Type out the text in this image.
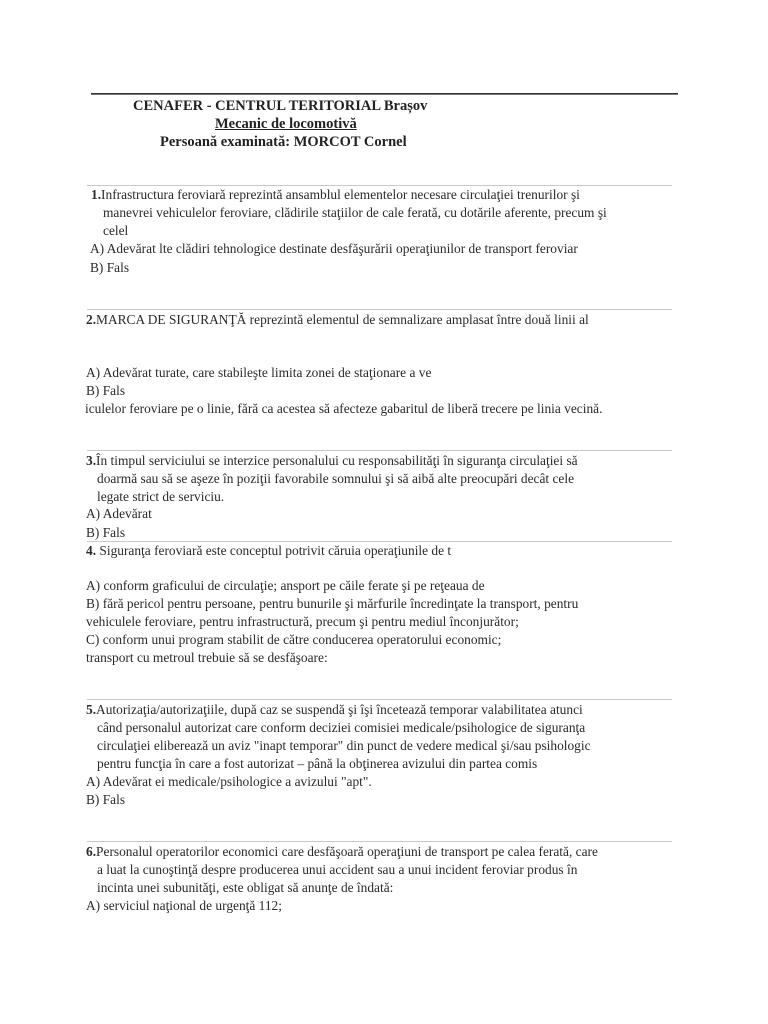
CENAFER - CENTRUL TERITORIAL Brașov
Mecanic de locomotivă
Persoană examinată: MORCOT Cornel
1.Infrastructura feroviară reprezintă ansamblul elementelor necesare circulaţiei trenurilor şi
manevrei vehiculelor feroviare, clădirile staţiilor de cale ferată, cu dotările aferente, precum şi
celel
A) Adevărat lte clădiri tehnologice destinate desfăşurării operaţiunilor de transport feroviar
B) Fals
2.MARCA DE SIGURANŢĂ reprezintă elementul de semnalizare amplasat între două linii al
A) Adevărat turate, care stabileşte limita zonei de staţionare a ve
B) Fals
iculelor feroviare pe o linie, fără ca acestea să afecteze gabaritul de liberă trecere pe linia vecină.
3.În timpul serviciului se interzice personalului cu responsabilităţi în siguranţa circulaţiei să
doarmă sau să se aşeze în poziţii favorabile somnului şi să aibă alte preocupări decât cele
legate strict de serviciu.
A) Adevărat
B) Fals
4. Siguranţa feroviară este conceptul potrivit căruia operaţiunile de t
A) conform graficului de circulaţie; ansport pe căile ferate şi pe reţeaua de
B) fără pericol pentru persoane, pentru bunurile şi mărfurile încredinţate la transport, pentru
vehiculele feroviare, pentru infrastructură, precum şi pentru mediul înconjurător;
C) conform unui program stabilit de către conducerea operatorului economic;
transport cu metroul trebuie să se desfăşoare:
5.Autorizaţia/autorizaţiile, după caz se suspendă şi îşi încetează temporar valabilitatea atunci
când personalul autorizat care conform deciziei comisiei medicale/psihologice de siguranţa
circulaţiei eliberează un aviz "inapt temporar" din punct de vedere medical şi/sau psihologic
pentru funcţia în care a fost autorizat – până la obţinerea avizului din partea comis
A) Adevărat ei medicale/psihologice a avizului "apt".
B) Fals
6.Personalul operatorilor economici care desfăşoară operaţiuni de transport pe calea ferată, care
a luat la cunoştinţă despre producerea unui accident sau a unui incident feroviar produs în
incinta unei subunităţi, este obligat să anunţe de îndată:
A) serviciul naţional de urgenţă 112;
